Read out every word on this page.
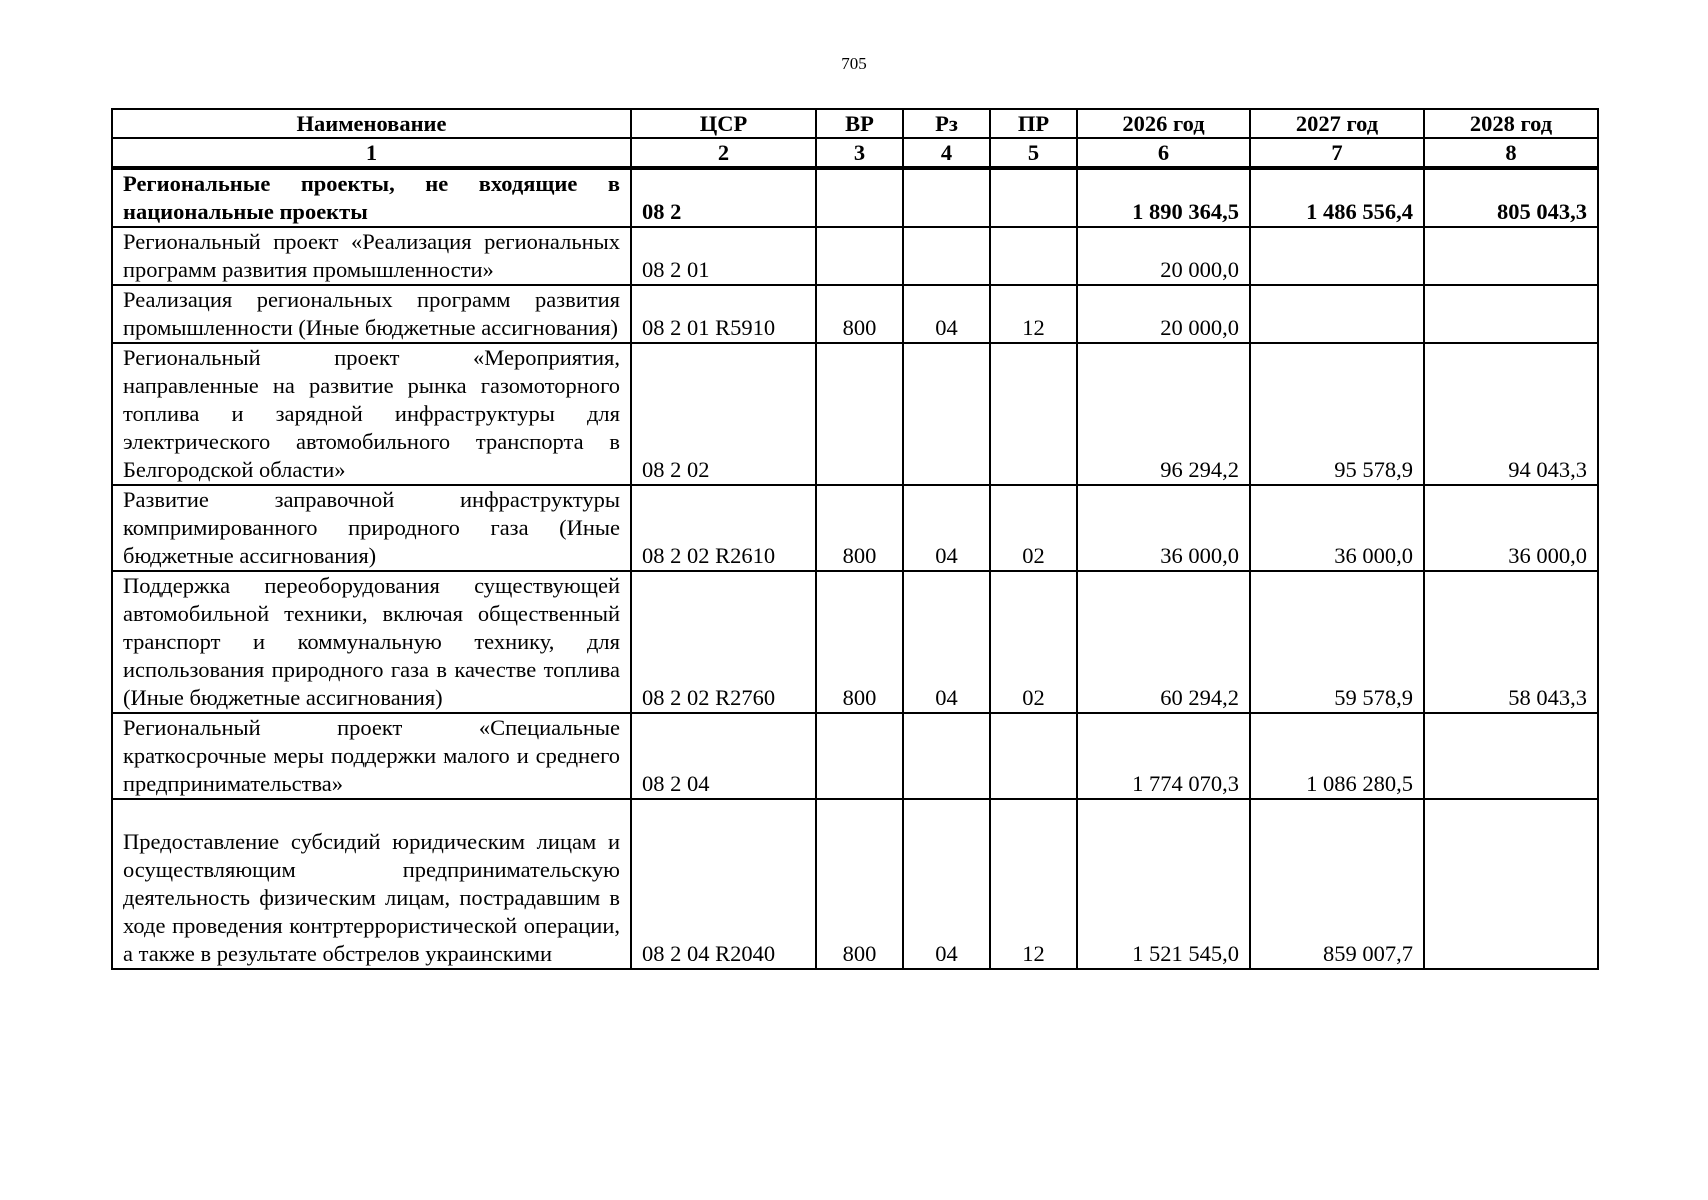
705
Наименование	ЦСР	ВР	Рз	ПР	2026 год	2027 год	2028 год
1	2	3	4	5	6	7	8
Региональные проекты, не входящие в национальные проекты	08 2				1 890 364,5	1 486 556,4	805 043,3
Региональный проект «Реализация региональных программ развития промышленности»	08 2 01				20 000,0		
Реализация региональных программ развития промышленности (Иные бюджетные ассигнования)	08 2 01 R5910	800	04	12	20 000,0		
Региональный проект «Мероприятия, направленные на развитие рынка газомоторного топлива и зарядной инфраструктуры для электрического автомобильного транспорта в Белгородской области»	08 2 02				96 294,2	95 578,9	94 043,3
Развитие заправочной инфраструктуры компримированного природного газа (Иные бюджетные ассигнования)	08 2 02 R2610	800	04	02	36 000,0	36 000,0	36 000,0
Поддержка переоборудования существующей автомобильной техники, включая общественный транспорт и коммунальную технику, для использования природного газа в качестве топлива (Иные бюджетные ассигнования)	08 2 02 R2760	800	04	02	60 294,2	59 578,9	58 043,3
Региональный проект «Специальные краткосрочные меры поддержки малого и среднего предпринимательства»	08 2 04				1 774 070,3	1 086 280,5	
Предоставление субсидий юридическим лицам и осуществляющим предпринимательскую деятельность физическим лицам, пострадавшим в ходе проведения контртеррористической операции, а также в результате обстрелов украинскими	08 2 04 R2040	800	04	12	1 521 545,0	859 007,7	
